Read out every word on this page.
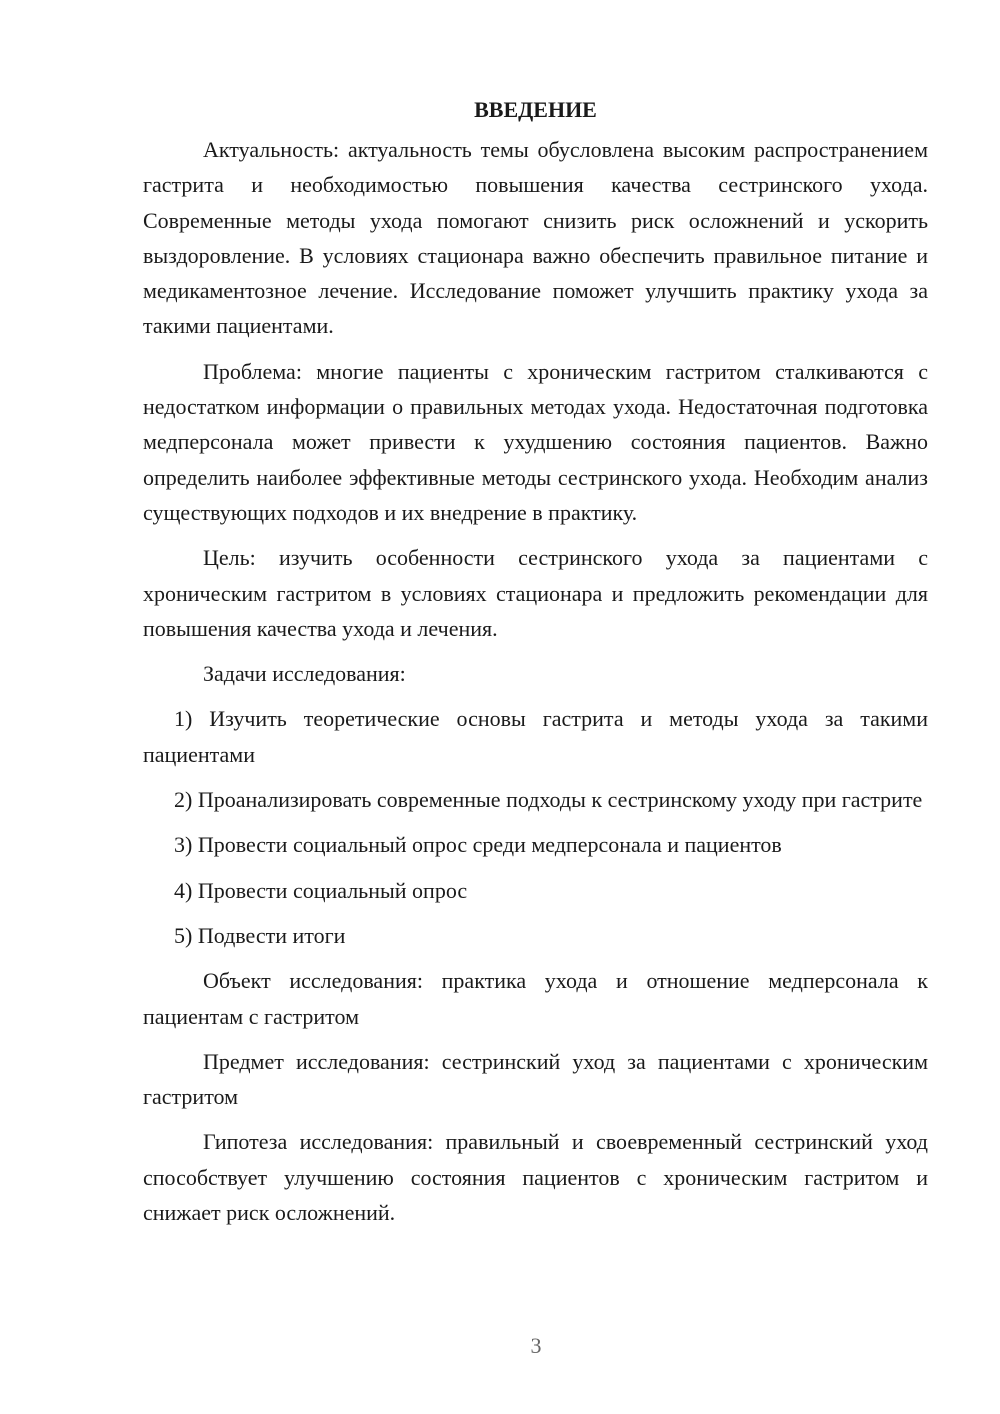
ВВЕДЕНИЕ

Актуальность: актуальность темы обусловлена высоким распространением гастрита и необходимостью повышения качества сестринского ухода. Современные методы ухода помогают снизить риск осложнений и ускорить выздоровление. В условиях стационара важно обеспечить правильное питание и медикаментозное лечение. Исследование поможет улучшить практику ухода за такими пациентами.

Проблема: многие пациенты с хроническим гастритом сталкиваются с недостатком информации о правильных методах ухода. Недостаточная подготовка медперсонала может привести к ухудшению состояния пациентов. Важно определить наиболее эффективные методы сестринского ухода. Необходим анализ существующих подходов и их внедрение в практику.

Цель: изучить особенности сестринского ухода за пациентами с хроническим гастритом в условиях стационара и предложить рекомендации для повышения качества ухода и лечения.

Задачи исследования:

1) Изучить теоретические основы гастрита и методы ухода за такими пациентами

2) Проанализировать современные подходы к сестринскому уходу при гастрите

3) Провести социальный опрос среди медперсонала и пациентов

4) Провести социальный опрос

5) Подвести итоги

Объект исследования: практика ухода и отношение медперсонала к пациентам с гастритом

Предмет исследования: сестринский уход за пациентами с хроническим гастритом

Гипотеза исследования: правильный и своевременный сестринский уход способствует улучшению состояния пациентов с хроническим гастритом и снижает риск осложнений.

3
